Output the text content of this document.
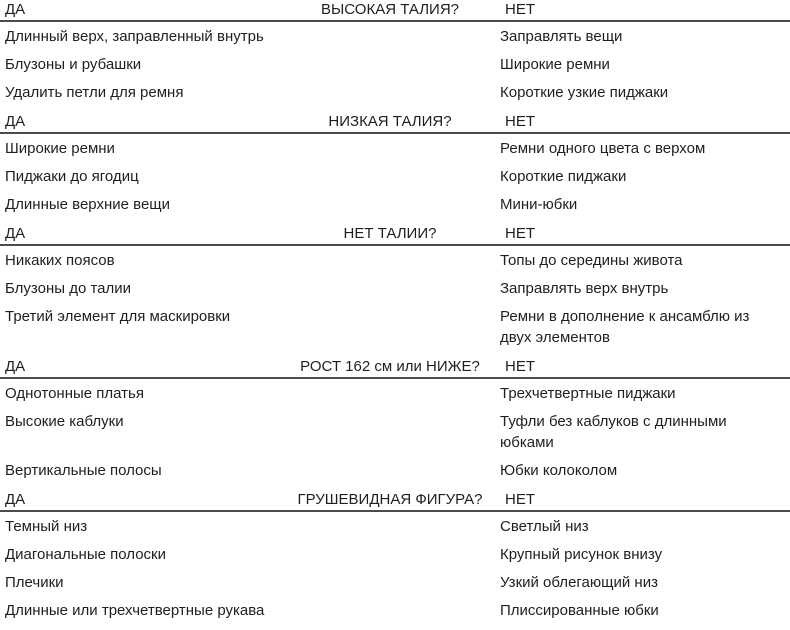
ДА	ВЫСОКАЯ ТАЛИЯ?	НЕТ
Длинный верх, заправленный внутрь	Заправлять вещи
Блузоны и рубашки	Широкие ремни
Удалить петли для ремня	Короткие узкие пиджаки
ДА	НИЗКАЯ ТАЛИЯ?	НЕТ
Широкие ремни	Ремни одного цвета с верхом
Пиджаки до ягодиц	Короткие пиджаки
Длинные верхние вещи	Мини-юбки
ДА	НЕТ ТАЛИИ?	НЕТ
Никаких поясов	Топы до середины живота
Блузоны до талии	Заправлять верх внутрь
Третий элемент для маскировки	Ремни в дополнение к ансамблю из двух элементов
ДА	РОСТ 162 см или НИЖЕ?	НЕТ
Однотонные платья	Трехчетвертные пиджаки
Высокие каблуки	Туфли без каблуков с длинными юбками
Вертикальные полосы	Юбки колоколом
ДА	ГРУШЕВИДНАЯ ФИГУРА?	НЕТ
Темный низ	Светлый низ
Диагональные полоски	Крупный рисунок внизу
Плечики	Узкий облегающий низ
Длинные или трехчетвертные рукава	Плиссированные юбки
